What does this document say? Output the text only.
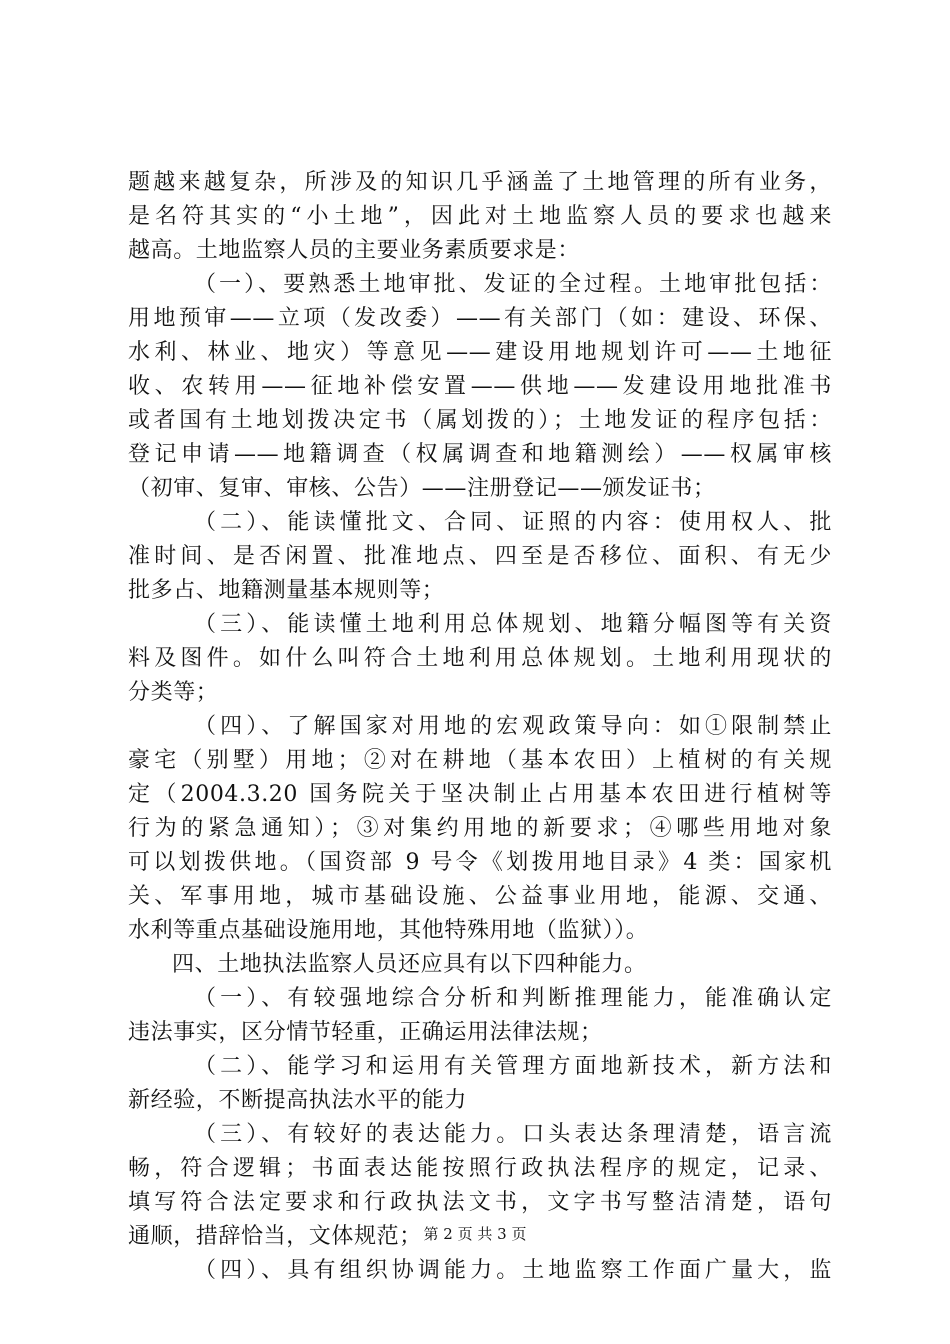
题越来越复杂，所涉及的知识几乎涵盖了土地管理的所有业务，
是名符其实的“小土地”，因此对土地监察人员的要求也越来
越高。土地监察人员的主要业务素质要求是：
（一）、要熟悉土地审批、发证的全过程。土地审批包括：
用地预审——立项（发改委）——有关部门（如：建设、环保、
水利、林业、地灾）等意见——建设用地规划许可——土地征
收、农转用——征地补偿安置——供地——发建设用地批准书
或者国有土地划拨决定书（属划拨的）；土地发证的程序包括：
登记申请——地籍调查（权属调查和地籍测绘）——权属审核
（初审、复审、审核、公告）——注册登记——颁发证书；
（二）、能读懂批文、合同、证照的内容：使用权人、批
准时间、是否闲置、批准地点、四至是否移位、面积、有无少
批多占、地籍测量基本规则等；
（三）、能读懂土地利用总体规划、地籍分幅图等有关资
料及图件。如什么叫符合土地利用总体规划。土地利用现状的
分类等；
（四）、了解国家对用地的宏观政策导向：如①限制禁止
豪宅（别墅）用地；②对在耕地（基本农田）上植树的有关规
定（2004.3.20 国务院关于坚决制止占用基本农田进行植树等
行为的紧急通知）；③对集约用地的新要求；④哪些用地对象
可以划拨供地。（国资部 9 号令《划拨用地目录》4 类：国家机
关、军事用地，城市基础设施、公益事业用地，能源、交通、
水利等重点基础设施用地，其他特殊用地（监狱））。
四、土地执法监察人员还应具有以下四种能力。
（一）、有较强地综合分析和判断推理能力，能准确认定
违法事实，区分情节轻重，正确运用法律法规；
（二）、能学习和运用有关管理方面地新技术，新方法和
新经验，不断提高执法水平的能力
（三）、有较好的表达能力。口头表达条理清楚，语言流
畅，符合逻辑；书面表达能按照行政执法程序的规定，记录、
填写符合法定要求和行政执法文书，文字书写整洁清楚，语句
通顺，措辞恰当，文体规范；
（四）、具有组织协调能力。土地监察工作面广量大，监
第 2 页 共 3 页
